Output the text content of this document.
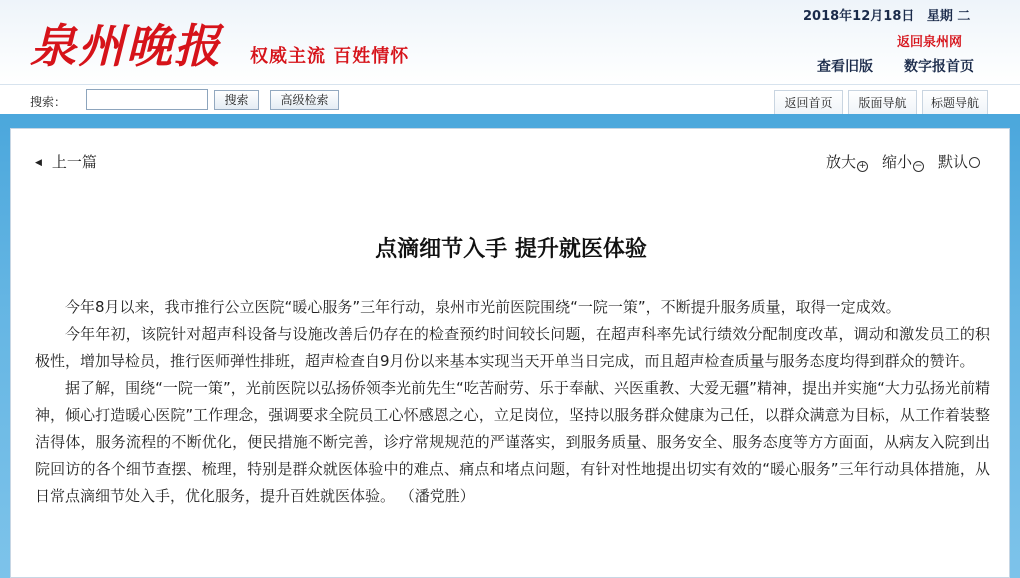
泉州晚报 权威主流 百姓情怀
2018年12月18日 星期 二
返回泉州网
查看旧版 数字报首页
搜索：	搜索	高级检索	返回首页	版面导航	标题导航
◀ 上一篇	放大 + 缩小 − 默认
点滴细节入手 提升就医体验

今年8月以来，我市推行公立医院“暖心服务”三年行动，泉州市光前医院围绕“一院一策”，不断提升服务质量，取得一定成效。

今年年初，该院针对超声科设备与设施改善后仍存在的检查预约时间较长问题，在超声科率先试行绩效分配制度改革，调动和激发员工的积极性，增加导检员，推行医师弹性排班，超声检查自9月份以来基本实现当天开单当日完成，而且超声检查质量与服务态度均得到群众的赞许。

据了解，围绕“一院一策”，光前医院以弘扬侨领李光前先生“吃苦耐劳、乐于奉献、兴医重教、大爱无疆”精神，提出并实施“大力弘扬光前精神，倾心打造暖心医院”工作理念，强调要求全院员工心怀感恩之心，立足岗位，坚持以服务群众健康为己任，以群众满意为目标，从工作着装整洁得体，服务流程的不断优化，便民措施不断完善，诊疗常规规范的严谨落实，到服务质量、服务安全、服务态度等方方面面，从病友入院到出院回访的各个细节查摆、梳理，特别是群众就医体验中的难点、痛点和堵点问题，有针对性地提出切实有效的“暖心服务”三年行动具体措施，从日常点滴细节处入手，优化服务，提升百姓就医体验。 （潘党胜）
